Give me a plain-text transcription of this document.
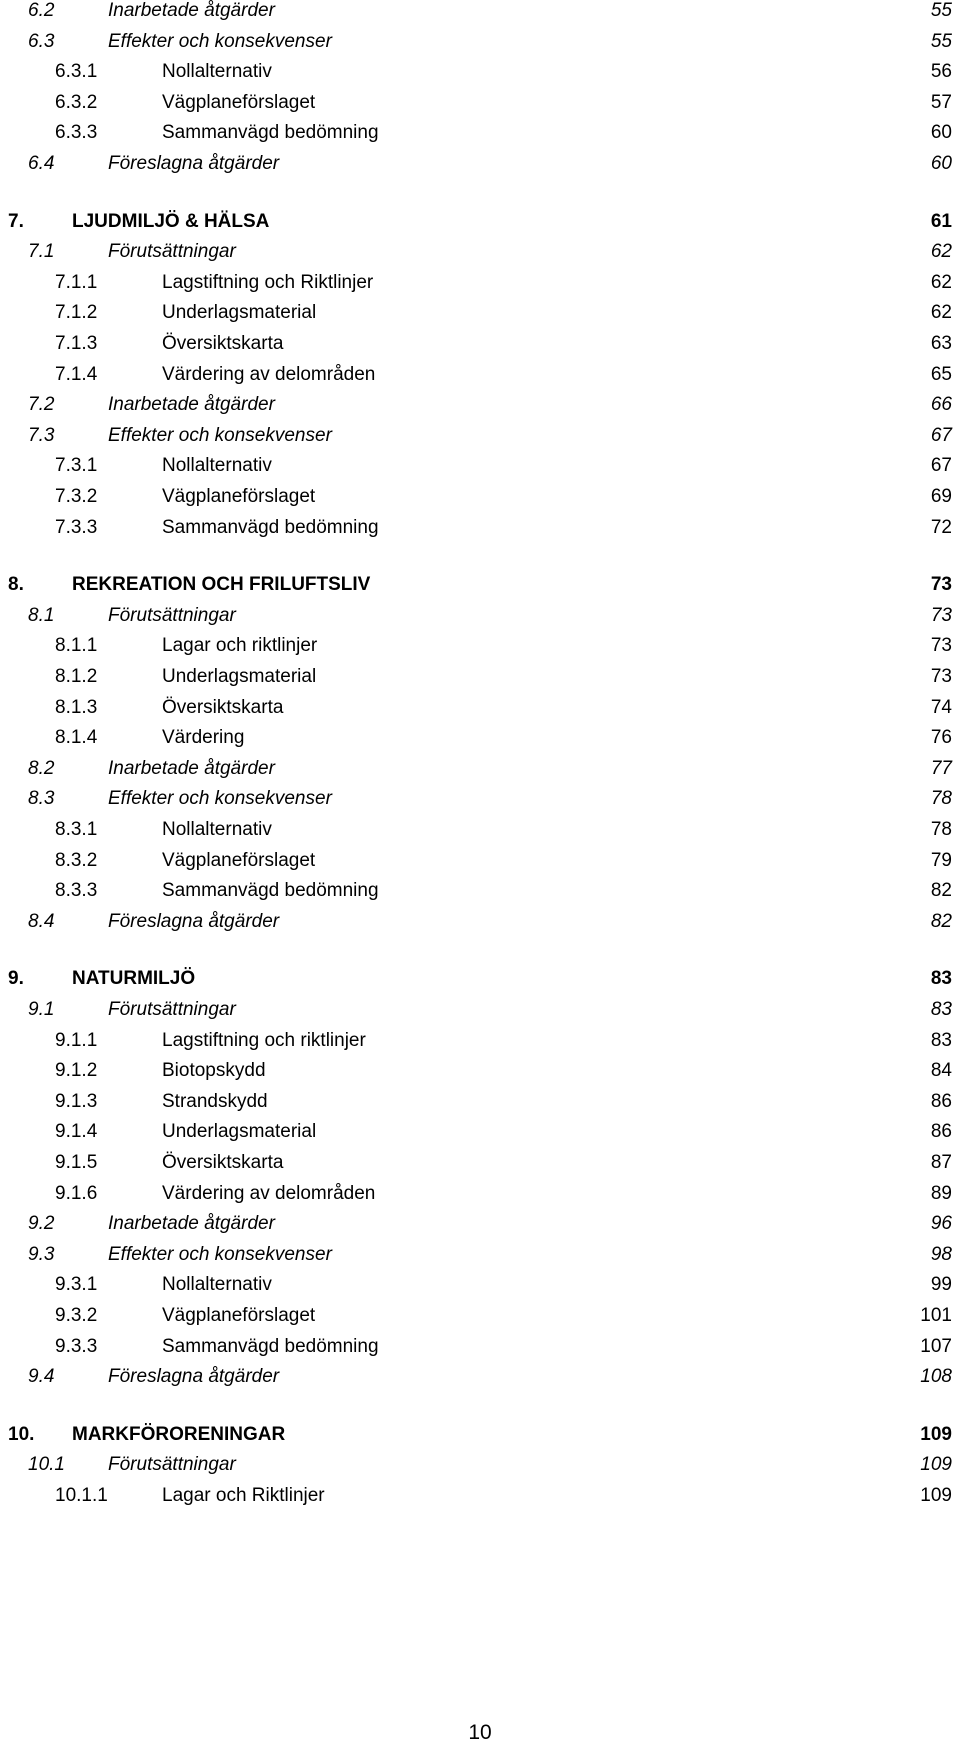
6.2	Inarbetade åtgärder	55
6.3	Effekter och konsekvenser	55
6.3.1	Nollalternativ	56
6.3.2	Vägplaneförslaget	57
6.3.3	Sammanvägd bedömning	60
6.4	Föreslagna åtgärder	60
7.	LJUDMILJÖ & HÄLSA	61
7.1	Förutsättningar	62
7.1.1	Lagstiftning och Riktlinjer	62
7.1.2	Underlagsmaterial	62
7.1.3	Översiktskarta	63
7.1.4	Värdering av delområden	65
7.2	Inarbetade åtgärder	66
7.3	Effekter och konsekvenser	67
7.3.1	Nollalternativ	67
7.3.2	Vägplaneförslaget	69
7.3.3	Sammanvägd bedömning	72
8.	REKREATION OCH FRILUFTSLIV	73
8.1	Förutsättningar	73
8.1.1	Lagar och riktlinjer	73
8.1.2	Underlagsmaterial	73
8.1.3	Översiktskarta	74
8.1.4	Värdering	76
8.2	Inarbetade åtgärder	77
8.3	Effekter och konsekvenser	78
8.3.1	Nollalternativ	78
8.3.2	Vägplaneförslaget	79
8.3.3	Sammanvägd bedömning	82
8.4	Föreslagna åtgärder	82
9.	NATURMILJÖ	83
9.1	Förutsättningar	83
9.1.1	Lagstiftning och riktlinjer	83
9.1.2	Biotopskydd	84
9.1.3	Strandskydd	86
9.1.4	Underlagsmaterial	86
9.1.5	Översiktskarta	87
9.1.6	Värdering av delområden	89
9.2	Inarbetade åtgärder	96
9.3	Effekter och konsekvenser	98
9.3.1	Nollalternativ	99
9.3.2	Vägplaneförslaget	101
9.3.3	Sammanvägd bedömning	107
9.4	Föreslagna åtgärder	108
10. MARKFÖRORENINGAR	109
10.1 Förutsättningar	109
10.1.1	Lagar och Riktlinjer	109
10
